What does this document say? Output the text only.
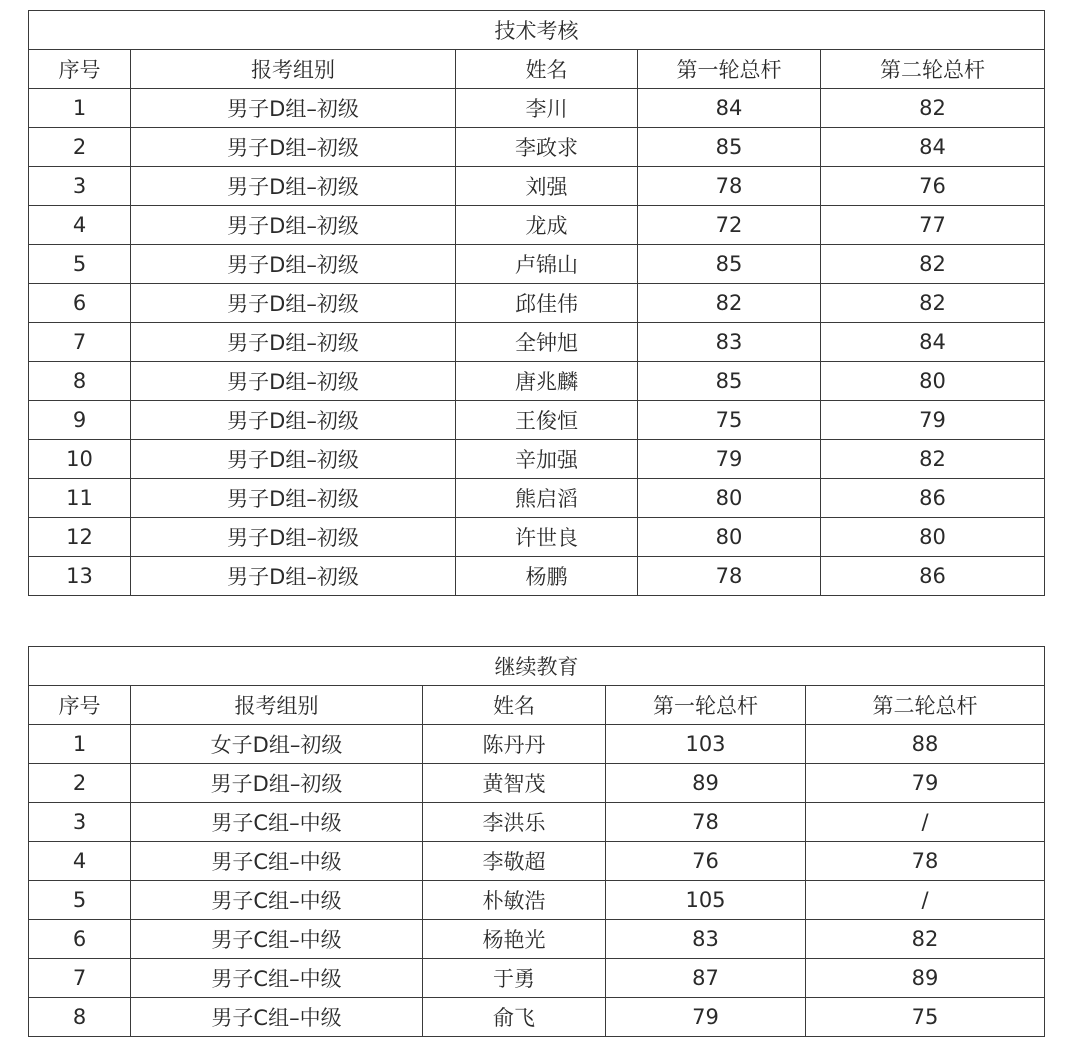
技术考核				
序号	报考组别	姓名	第一轮总杆	第二轮总杆
1	男子D组–初级	李川	84	82
2	男子D组–初级	李政求	85	84
3	男子D组–初级	刘强	78	76
4	男子D组–初级	龙成	72	77
5	男子D组–初级	卢锦山	85	82
6	男子D组–初级	邱佳伟	82	82
7	男子D组–初级	全钟旭	83	84
8	男子D组–初级	唐兆麟	85	80
9	男子D组–初级	王俊恒	75	79
10	男子D组–初级	辛加强	79	82
11	男子D组–初级	熊启滔	80	86
12	男子D组–初级	许世良	80	80
13	男子D组–初级	杨鹏	78	86
继续教育				
序号	报考组别	姓名	第一轮总杆	第二轮总杆
1	女子D组–初级	陈丹丹	103	88
2	男子D组–初级	黄智茂	89	79
3	男子C组–中级	李洪乐	78	/
4	男子C组–中级	李敬超	76	78
5	男子C组–中级	朴敏浩	105	/
6	男子C组–中级	杨艳光	83	82
7	男子C组–中级	于勇	87	89
8	男子C组–中级	俞飞	79	75
